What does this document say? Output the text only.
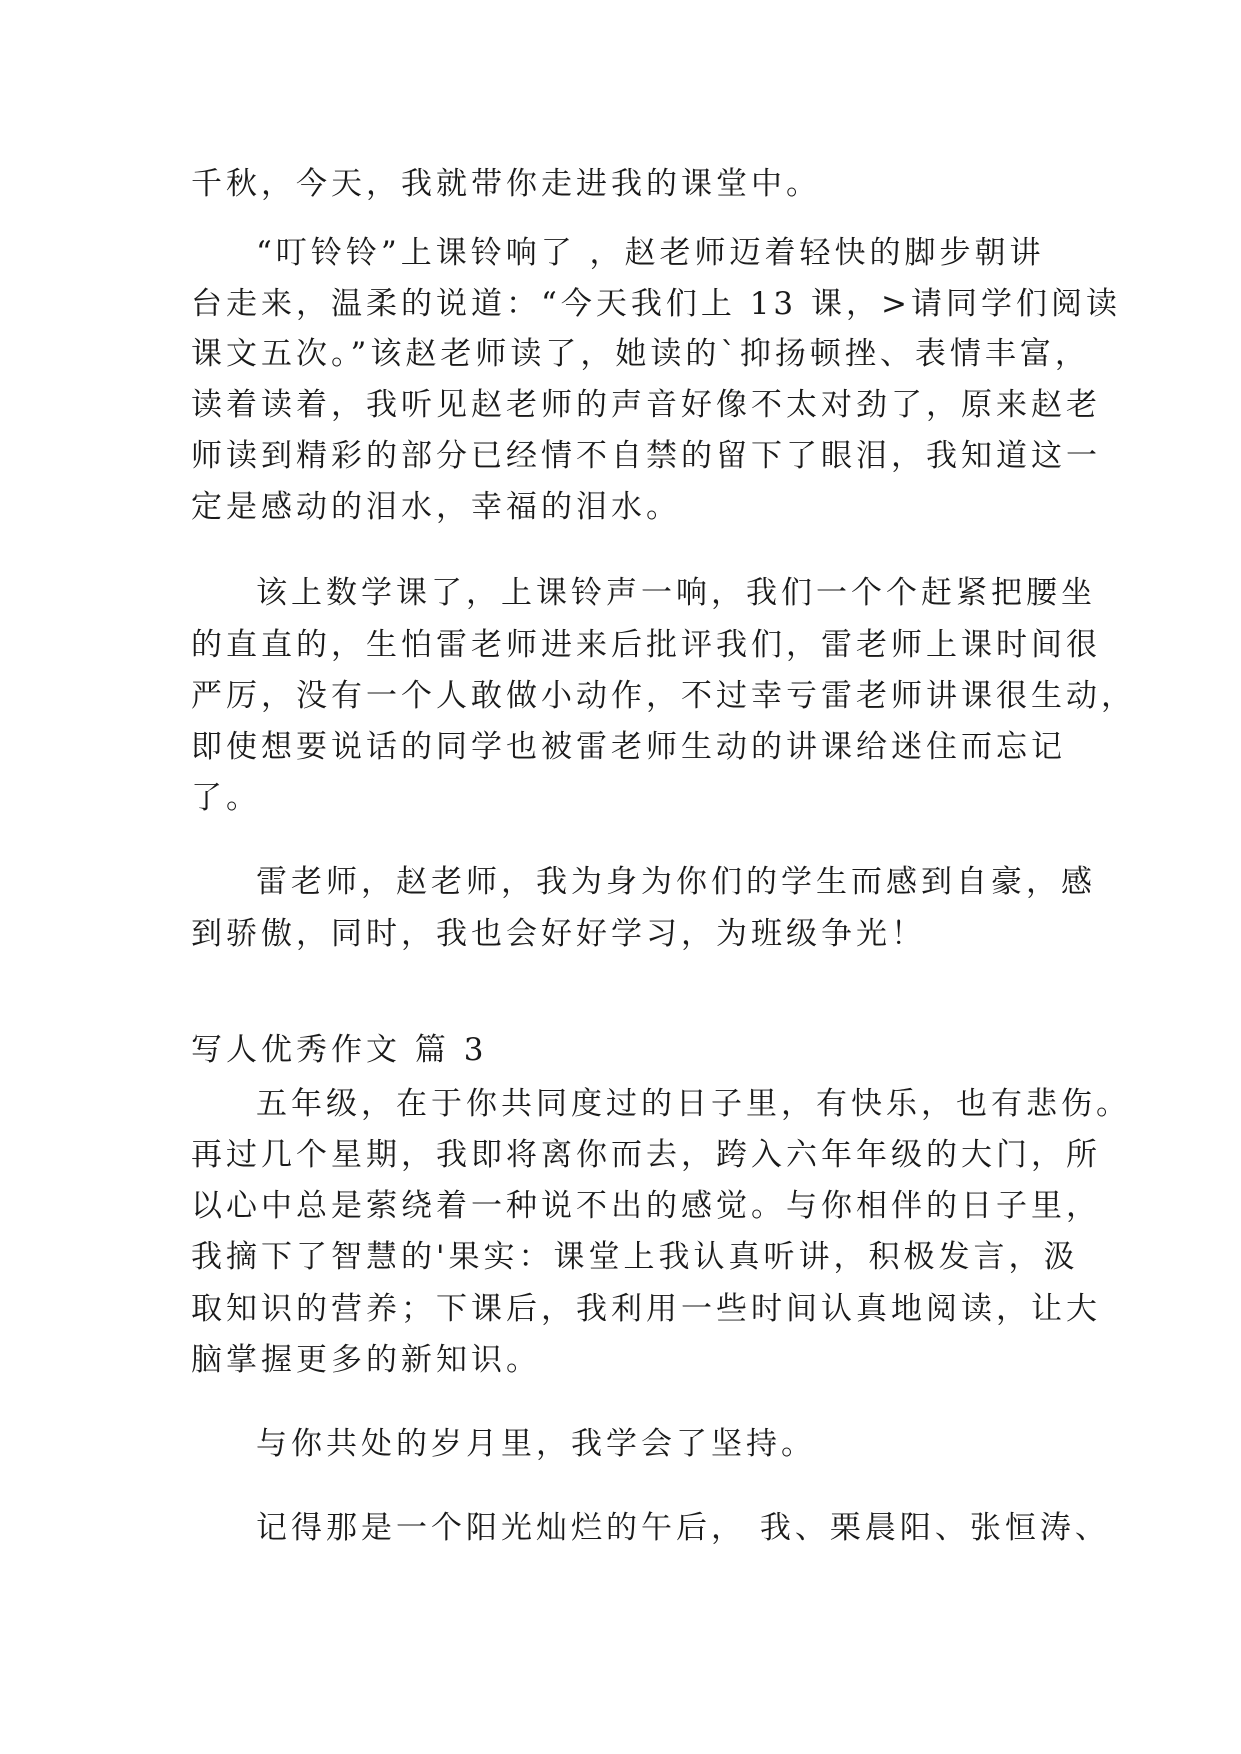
千秋，今天，我就带你走进我的课堂中。
“叮铃铃”上课铃响了 ，赵老师迈着轻快的脚步朝讲
台走来，温柔的说道：“今天我们上 13 课，>请同学们阅读
课文五次。”该赵老师读了，她读的`抑扬顿挫、表情丰富，
读着读着，我听见赵老师的声音好像不太对劲了，原来赵老
师读到精彩的部分已经情不自禁的留下了眼泪，我知道这一
定是感动的泪水，幸福的泪水。
该上数学课了，上课铃声一响，我们一个个赶紧把腰坐
的直直的，生怕雷老师进来后批评我们，雷老师上课时间很
严厉，没有一个人敢做小动作，不过幸亏雷老师讲课很生动，
即使想要说话的同学也被雷老师生动的讲课给迷住而忘记
了。
雷老师，赵老师，我为身为你们的学生而感到自豪，感
到骄傲，同时，我也会好好学习，为班级争光！
写人优秀作文 篇 3
五年级，在于你共同度过的日子里，有快乐，也有悲伤。
再过几个星期，我即将离你而去，跨入六年年级的大门，所
以心中总是萦绕着一种说不出的感觉。与你相伴的日子里，
我摘下了智慧的'果实：课堂上我认真听讲，积极发言，汲
取知识的营养；下课后，我利用一些时间认真地阅读，让大
脑掌握更多的新知识。
与你共处的岁月里，我学会了坚持。
记得那是一个阳光灿烂的午后， 我、栗晨阳、张恒涛、
